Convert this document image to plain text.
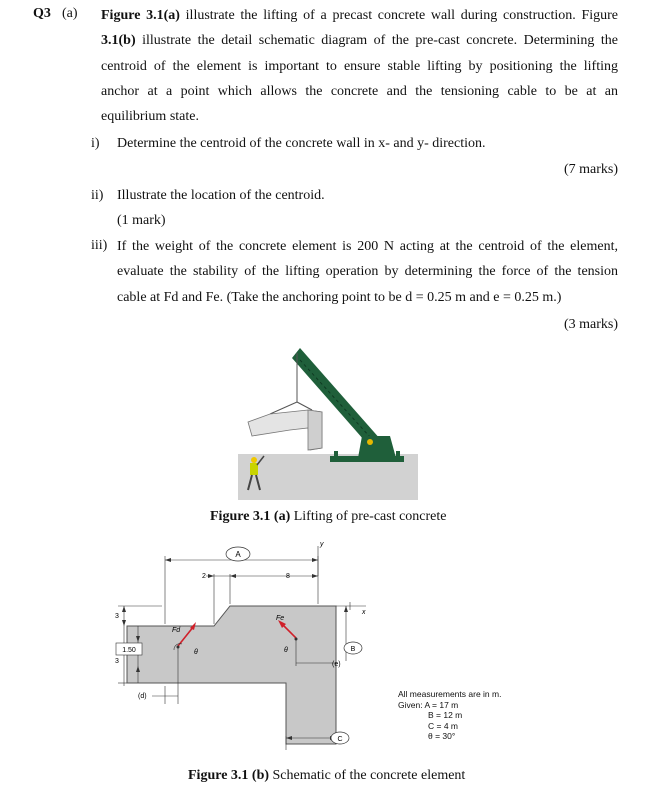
Q3 (a) Figure 3.1(a) illustrate the lifting of a precast concrete wall during construction. Figure
3.1(b) illustrate the detail schematic diagram of the pre-cast concrete. Determining the
centroid of the element is important to ensure stable lifting by positioning the lifting
anchor at a point which allows the concrete and the tensioning cable to be at an
equilibrium state.
i) Determine the centroid of the concrete wall in x- and y- direction.
(7 marks)
ii) Illustrate the location of the centroid.
(1 mark)
iii) If the weight of the concrete element is 200 N acting at the centroid of the element,
evaluate the stability of the lifting operation by determining the force of the tension
cable at Fd and Fe. (Take the anchoring point to be d = 0.25 m and e = 0.25 m.)
(3 marks)
Figure 3.1 (a) Lifting of pre-cast concrete
A
2	8
y
x
3
1.50
3
Fd
θ
Fe
θ	B
(e)
(d)
C
All measurements are in m.
Given: A = 17 m
B = 12 m
C = 4 m
θ = 30°
Figure 3.1 (b) Schematic of the concrete element
